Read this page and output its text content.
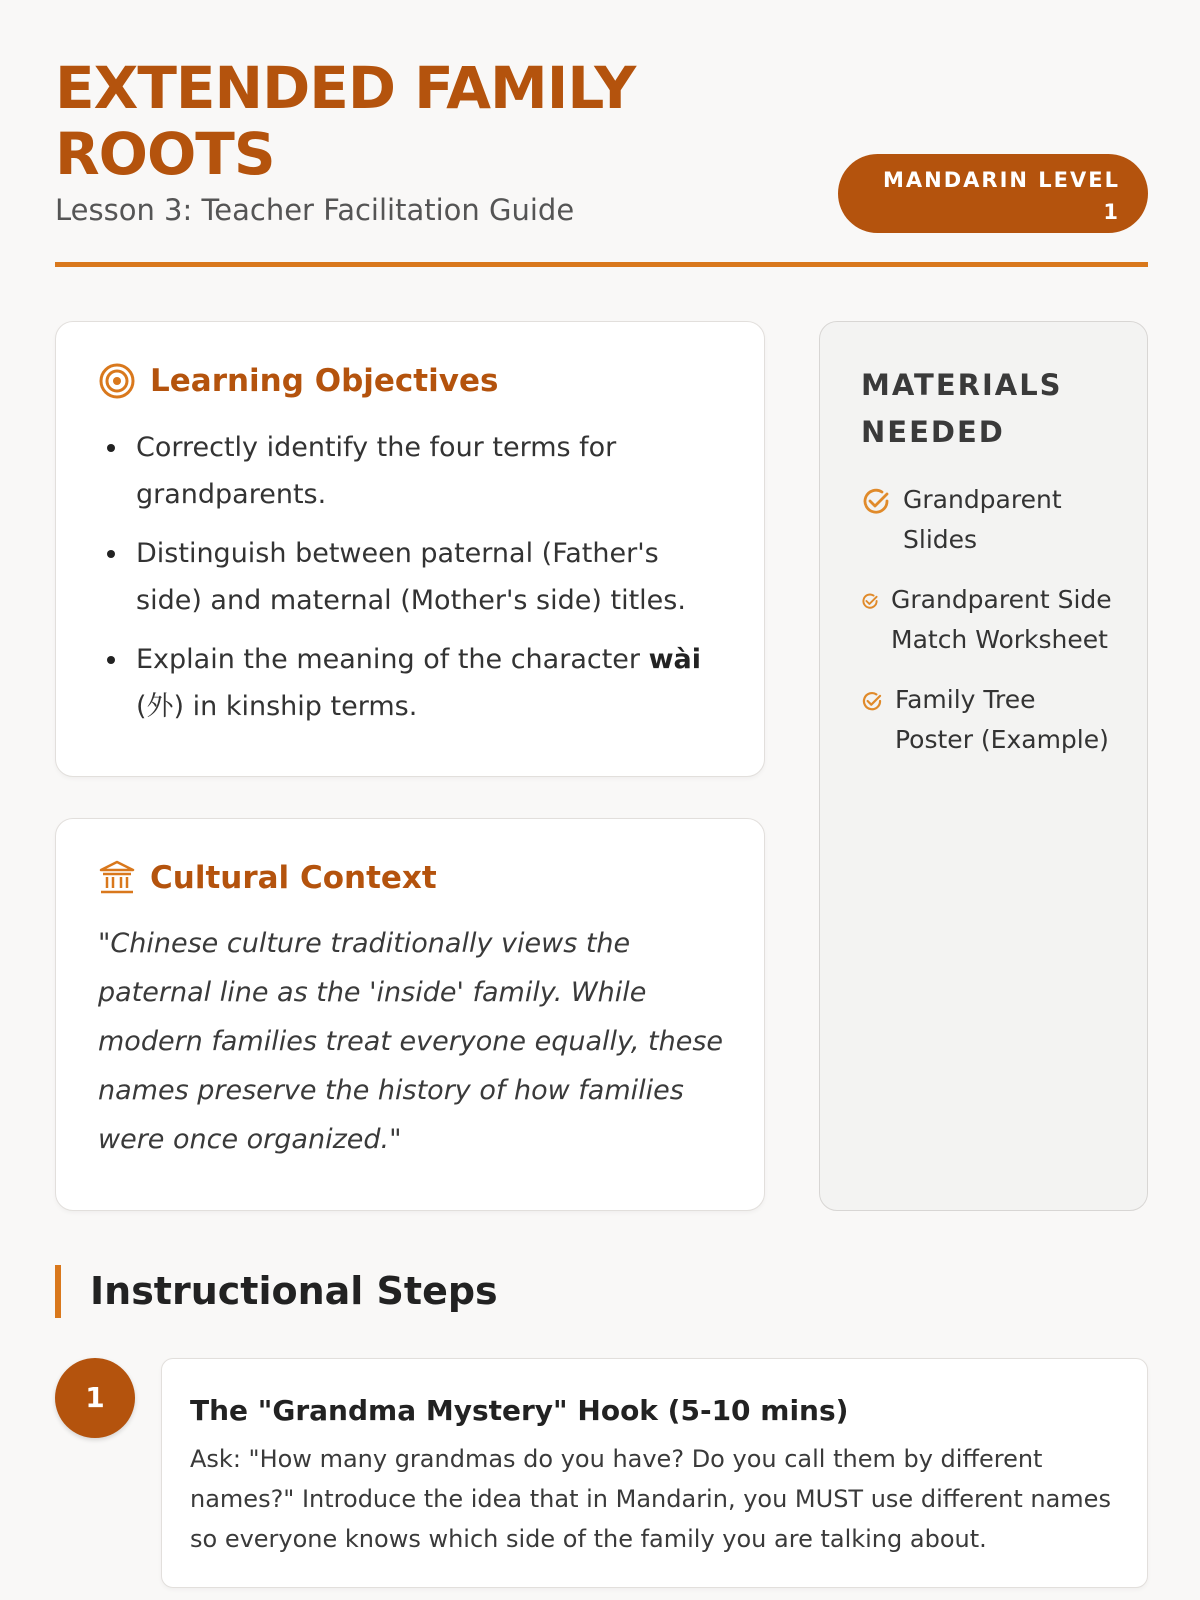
EXTENDED FAMILY ROOTS
Lesson 3: Teacher Facilitation Guide
MANDARIN LEVEL 1
Learning Objectives
Correctly identify the four terms for grandparents.
Distinguish between paternal (Father's side) and maternal (Mother's side) titles.
Explain the meaning of the character wài (外) in kinship terms.
Cultural Context

"Chinese culture traditionally views the paternal line as the 'inside' family. While modern families treat everyone equally, these names preserve the history of how families were once organized."

MATERIALS NEEDED
Grandparent Slides
Grandparent Side Match Worksheet
Family Tree Poster (Example)
Instructional Steps
1	The "Grandma Mystery" Hook (5-10 mins)

Ask: "How many grandmas do you have? Do you call them by different names?" Introduce the idea that in Mandarin, you MUST use different names so everyone knows which side of the family you are talking about.
